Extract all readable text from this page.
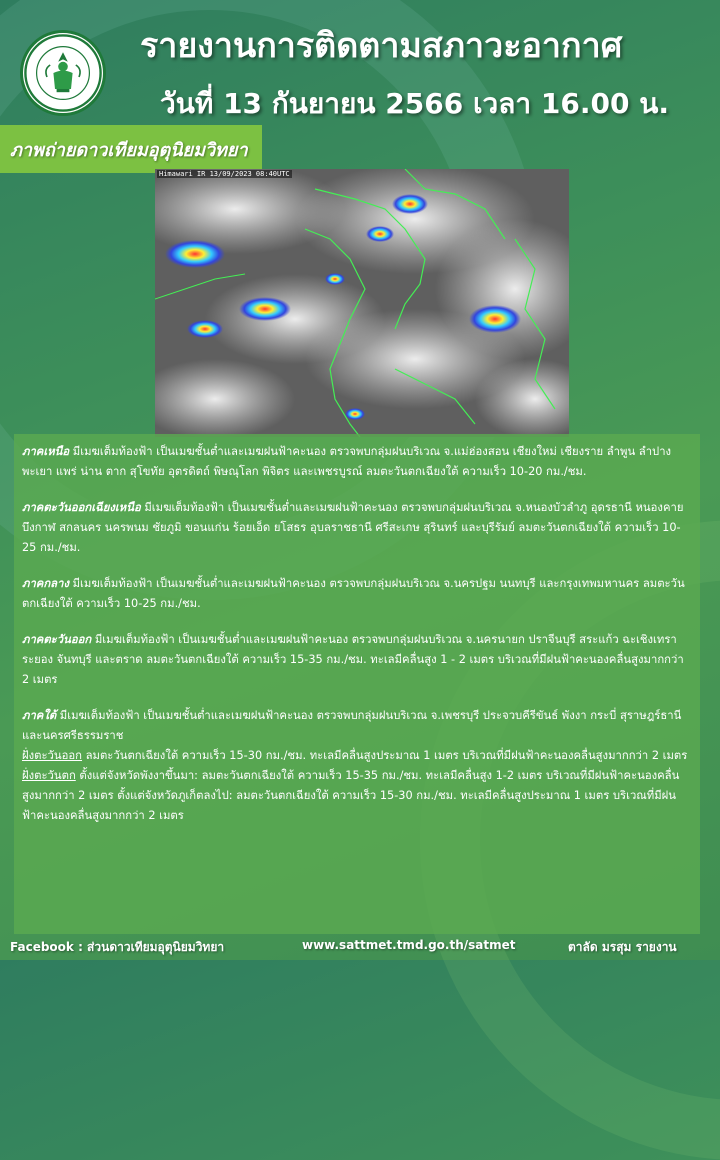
รายงานการติดตามสภาวะอากาศ
วันที่ 13 กันยายน 2566 เวลา 16.00 น.
ภาพถ่ายดาวเทียมอุตุนิยมวิทยา
Himawari IR 13/09/2023 08:40UTC

ภาคเหนือ มีเมฆเต็มท้องฟ้า เป็นเมฆชั้นต่ำและเมฆฝนฟ้าคะนอง ตรวจพบกลุ่มฝนบริเวณ จ.แม่ฮ่องสอน เชียงใหม่ เชียงราย ลำพูน ลำปาง พะเยา แพร่ น่าน ตาก สุโขทัย อุตรดิตถ์ พิษณุโลก พิจิตร และเพชรบูรณ์ ลมตะวันตกเฉียงใต้ ความเร็ว 10-20 กม./ชม.

ภาคตะวันออกเฉียงเหนือ มีเมฆเต็มท้องฟ้า เป็นเมฆชั้นต่ำและเมฆฝนฟ้าคะนอง ตรวจพบกลุ่มฝนบริเวณ จ.หนองบัวลำภู อุดรธานี หนองคาย บึงกาฬ สกลนคร นครพนม ชัยภูมิ ขอนแก่น ร้อยเอ็ด ยโสธร อุบลราชธานี ศรีสะเกษ สุรินทร์ และบุรีรัมย์ ลมตะวันตกเฉียงใต้ ความเร็ว 10-25 กม./ชม.

ภาคกลาง มีเมฆเต็มท้องฟ้า เป็นเมฆชั้นต่ำและเมฆฝนฟ้าคะนอง ตรวจพบกลุ่มฝนบริเวณ จ.นครปฐม นนทบุรี และกรุงเทพมหานคร ลมตะวันตกเฉียงใต้ ความเร็ว 10-25 กม./ชม.

ภาคตะวันออก มีเมฆเต็มท้องฟ้า เป็นเมฆชั้นต่ำและเมฆฝนฟ้าคะนอง ตรวจพบกลุ่มฝนบริเวณ จ.นครนายก ปราจีนบุรี สระแก้ว ฉะเชิงเทรา ระยอง จันทบุรี และตราด ลมตะวันตกเฉียงใต้ ความเร็ว 15-35 กม./ชม. ทะเลมีคลื่นสูง 1 - 2 เมตร บริเวณที่มีฝนฟ้าคะนองคลื่นสูงมากกว่า 2 เมตร

ภาคใต้ มีเมฆเต็มท้องฟ้า เป็นเมฆชั้นต่ำและเมฆฝนฟ้าคะนอง ตรวจพบกลุ่มฝนบริเวณ จ.เพชรบุรี ประจวบคีรีขันธ์ พังงา กระบี่ สุราษฎร์ธานี และนครศรีธรรมราช
ฝั่งตะวันออก ลมตะวันตกเฉียงใต้ ความเร็ว 15-30 กม./ชม. ทะเลมีคลื่นสูงประมาณ 1 เมตร บริเวณที่มีฝนฟ้าคะนองคลื่นสูงมากกว่า 2 เมตร
ฝั่งตะวันตก ตั้งแต่จังหวัดพังงาขึ้นมา: ลมตะวันตกเฉียงใต้ ความเร็ว 15-35 กม./ชม. ทะเลมีคลื่นสูง 1-2 เมตร บริเวณที่มีฝนฟ้าคะนองคลื่นสูงมากกว่า 2 เมตร ตั้งแต่จังหวัดภูเก็ตลงไป: ลมตะวันตกเฉียงใต้ ความเร็ว 15-30 กม./ชม. ทะเลมีคลื่นสูงประมาณ 1 เมตร บริเวณที่มีฝนฟ้าคะนองคลื่นสูงมากกว่า 2 เมตร

Facebook : ส่วนดาวเทียมอุตุนิยมวิทยา	www.sattmet.tmd.go.th/satmet	ตาลัด มรสุม รายงาน
